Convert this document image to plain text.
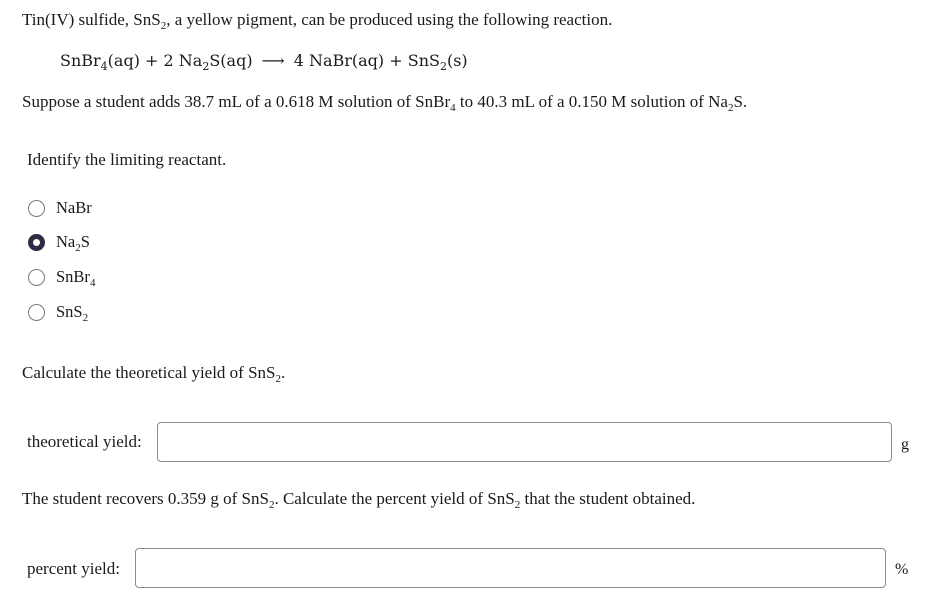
Tin(IV) sulfide, SnS$_2$, a yellow pigment, can be produced using the following reaction.
SnBr$_4$(aq) + 2 $Na_2S(aq)$ ⟶ 4 NaBr(aq) + SnS$_2$(s)
Suppose a student adds 38.7 mL of a 0.618 M solution of SnBr$_4$ to 40.3 mL of a 0.150 M solution of $Na_2S$.
Identify the limiting reactant.
NaBr
$Na_2S$
SnBr$_4$
SnS$_2$
Calculate the theoretical yield of SnS$_2$.
theoretical yield:	g
The student recovers 0.359 g of SnS$_2$. Calculate the percent yield of SnS$_2$ that the student obtained.
percent yield:	%
